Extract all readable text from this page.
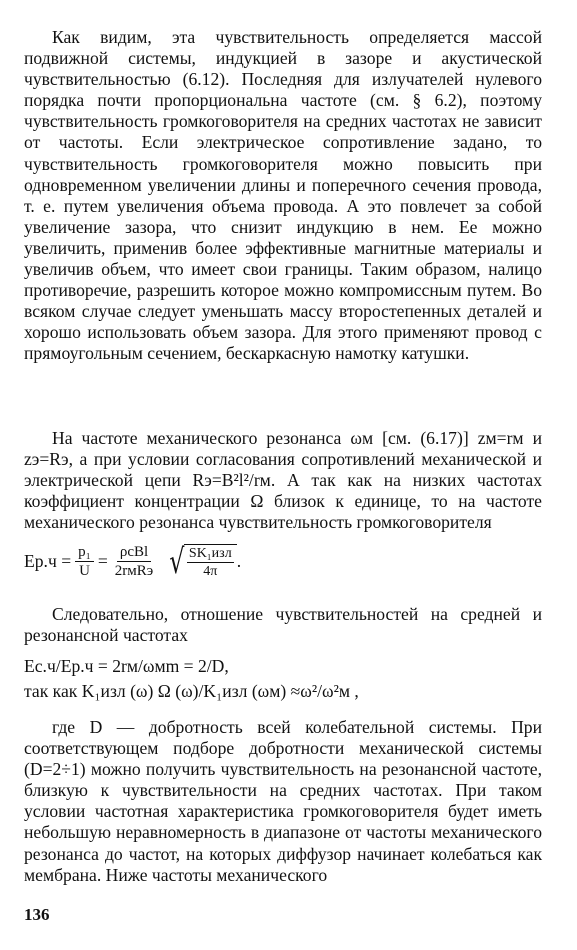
Как видим, эта чувствительность определяется массой подвижной системы, индукцией в зазоре и акустической чувствительностью (6.12). Последняя для излучателей нулевого порядка почти пропорциональна частоте (см. § 6.2), поэтому чувствительность громкоговорителя на средних частотах не зависит от частоты. Если электрическое сопротивление задано, то чувствительность громкоговорителя можно повысить при одновременном увеличении длины и поперечного сечения провода, т. е. путем увеличения объема провода. А это повлечет за собой увеличение зазора, что снизит индукцию в нем. Ее можно увеличить, применив более эффективные магнитные материалы и увеличив объем, что имеет свои границы. Таким образом, налицо противоречие, разрешить которое можно компромиссным путем. Во всяком случае следует уменьшать массу второстепенных деталей и хорошо использовать объем зазора. Для этого применяют провод с прямоугольным сечением, бескаркасную намотку катушки.

На частоте механического резонанса ωм [см. (6.17)] zм=rм и zэ=Rэ, а при условии согласования сопротивлений механической и электрической цепи Rэ=B²l²/rм. А так как на низких частотах коэффициент концентрации Ω близок к единице, то на частоте механического резонанса чувствительность громкоговорителя

$Eр.ч = \frac{\text{p₁}}{U} = \frac{\text{ρcBl}}{\text{2rмRэ}}$ √ $\frac{\text{SK₁изл}}{4\pi}$ .

Следовательно, отношение чувствительностей на средней и резонансной частотах

Eс.ч/Eр.ч = 2rм/ωмm = 2/D,
так как K₁изл (ω) Ω (ω)/K₁изл (ωм) ≈ω²/ω²м ,

где D — добротность всей колебательной системы. При соответствующем подборе добротности механической системы (D=2÷1) можно получить чувствительность на резонансной частоте, близкую к чувствительности на средних частотах. При таком условии частотная характеристика громкоговорителя будет иметь небольшую неравномерность в диапазоне от частоты механического резонанса до частот, на которых диффузор начинает колебаться как мембрана. Ниже частоты механического

136
